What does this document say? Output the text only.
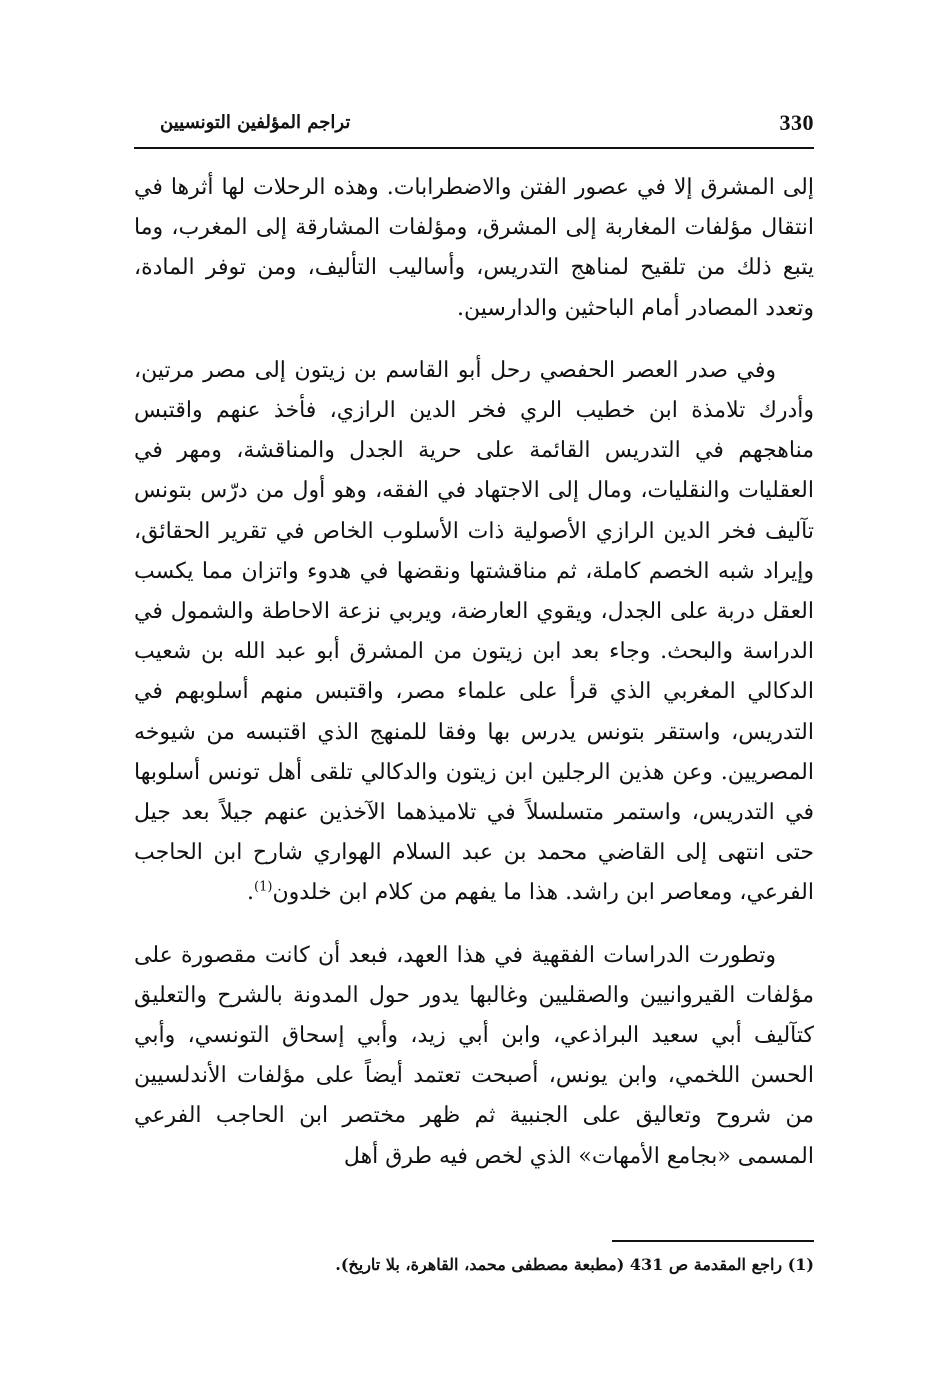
330
تراجم المؤلفين التونسيين

إلى المشرق إلا في عصور الفتن والاضطرابات. وهذه الرحلات لها أثرها في انتقال مؤلفات المغاربة إلى المشرق، ومؤلفات المشارقة إلى المغرب، وما يتبع ذلك من تلقيح لمناهج التدريس، وأساليب التأليف، ومن توفر المادة، وتعدد المصادر أمام الباحثين والدارسين.

وفي صدر العصر الحفصي رحل أبو القاسم بن زيتون إلى مصر مرتين، وأدرك تلامذة ابن خطيب الري فخر الدين الرازي، فأخذ عنهم واقتبس مناهجهم في التدريس القائمة على حرية الجدل والمناقشة، ومهر في العقليات والنقليات، ومال إلى الاجتهاد في الفقه، وهو أول من درّس بتونس تآليف فخر الدين الرازي الأصولية ذات الأسلوب الخاص في تقرير الحقائق، وإيراد شبه الخصم كاملة، ثم مناقشتها ونقضها في هدوء واتزان مما يكسب العقل دربة على الجدل، ويقوي العارضة، ويربي نزعة الاحاطة والشمول في الدراسة والبحث. وجاء بعد ابن زيتون من المشرق أبو عبد الله بن شعيب الدكالي المغربي الذي قرأ على علماء مصر، واقتبس منهم أسلوبهم في التدريس، واستقر بتونس يدرس بها وفقا للمنهج الذي اقتبسه من شيوخه المصريين. وعن هذين الرجلين ابن زيتون والدكالي تلقى أهل تونس أسلوبها في التدريس، واستمر متسلسلاً في تلاميذهما الآخذين عنهم جيلاً بعد جيل حتى انتهى إلى القاضي محمد بن عبد السلام الهواري شارح ابن الحاجب الفرعي، ومعاصر ابن راشد. هذا ما يفهم من كلام ابن خلدون$^{(1)}$.

وتطورت الدراسات الفقهية في هذا العهد، فبعد أن كانت مقصورة على مؤلفات القيروانيين والصقليين وغالبها يدور حول المدونة بالشرح والتعليق كتآليف أبي سعيد البراذعي، وابن أبي زيد، وأبي إسحاق التونسي، وأبي الحسن اللخمي، وابن يونس، أصبحت تعتمد أيضاً على مؤلفات الأندلسيين من شروح وتعاليق على الجنبية ثم ظهر مختصر ابن الحاجب الفرعي المسمى «بجامع الأمهات» الذي لخص فيه طرق أهل

(1) راجع المقدمة ص 431 (مطبعة مصطفى محمد، القاهرة، بلا تاريخ).
